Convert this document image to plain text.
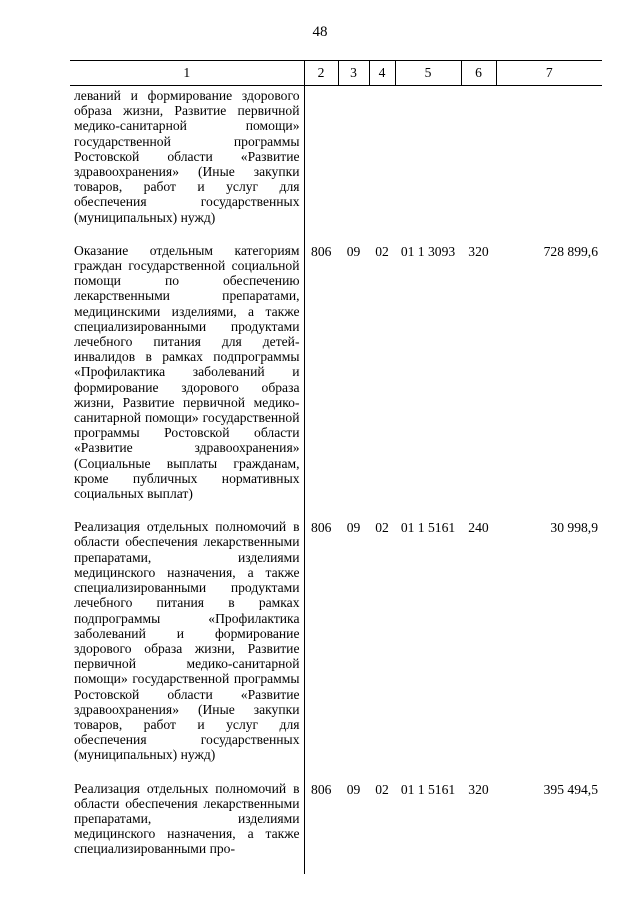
48
1	2	3	4	5	6	7
леваний и формирование здорового образа жизни, Развитие первичной медико-санитарной помощи» государственной программы Ростовской области «Развитие здравоохранения» (Иные закупки товаров, работ и услуг для обеспечения государственных (муниципальных) нужд)						
Оказание отдельным категориям граждан государственной социальной помощи по обеспечению лекарственными препаратами, медицинскими изделиями, а также специализированными продуктами лечебного питания для детей-инвалидов в рамках подпрограммы «Профилактика заболеваний и формирование здорового образа жизни, Развитие первичной медико-санитарной помощи» государственной программы Ростовской области «Развитие здравоохранения» (Социальные выплаты гражданам, кроме публичных нормативных социальных выплат)	806	09	02	01 1 3093	320	728 899,6
Реализация отдельных полномочий в области обеспечения лекарственными препаратами, изделиями медицинского назначения, а также специализированными продуктами лечебного питания в рамках подпрограммы «Профилактика заболеваний и формирование здорового образа жизни, Развитие первичной медико-санитарной помощи» государственной программы Ростовской области «Развитие здравоохранения» (Иные закупки товаров, работ и услуг для обеспечения государственных (муниципальных) нужд)	806	09	02	01 1 5161	240	30 998,9
Реализация отдельных полномочий в области обеспечения лекарственными препаратами, изделиями медицинского назначения, а также специализированными про-	806	09	02	01 1 5161	320	395 494,5
